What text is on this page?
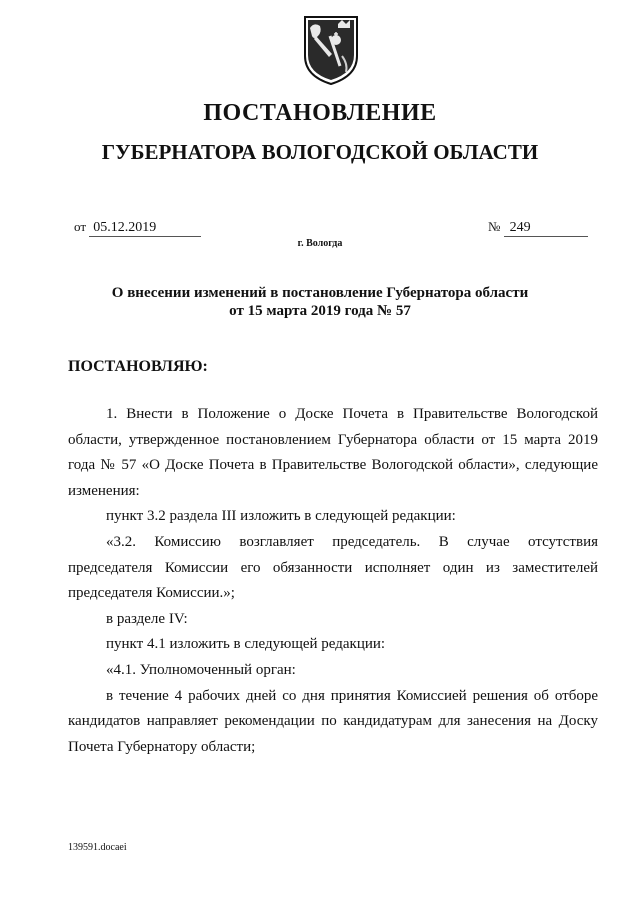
ПОСТАНОВЛЕНИЕ
ГУБЕРНАТОРА ВОЛОГОДСКОЙ ОБЛАСТИ
от 05.12.2019	№ 249
г. Вологда
О внесении изменений в постановление Губернатора области
от 15 марта 2019 года № 57
ПОСТАНОВЛЯЮ:

1. Внести в Положение о Доске Почета в Правительстве Вологодской области, утвержденное постановлением Губернатора области от 15 марта 2019 года № 57 «О Доске Почета в Правительстве Вологодской области», следующие изменения:

пункт 3.2 раздела III изложить в следующей редакции:

«3.2. Комиссию возглавляет председатель. В случае отсутствия председателя Комиссии его обязанности исполняет один из заместителей председателя Комиссии.»;

в разделе IV:

пункт 4.1 изложить в следующей редакции:

«4.1. Уполномоченный орган:

в течение 4 рабочих дней со дня принятия Комиссией решения об отборе кандидатов направляет рекомендации по кандидатурам для занесения на Доску Почета Губернатору области;

139591.docaei
